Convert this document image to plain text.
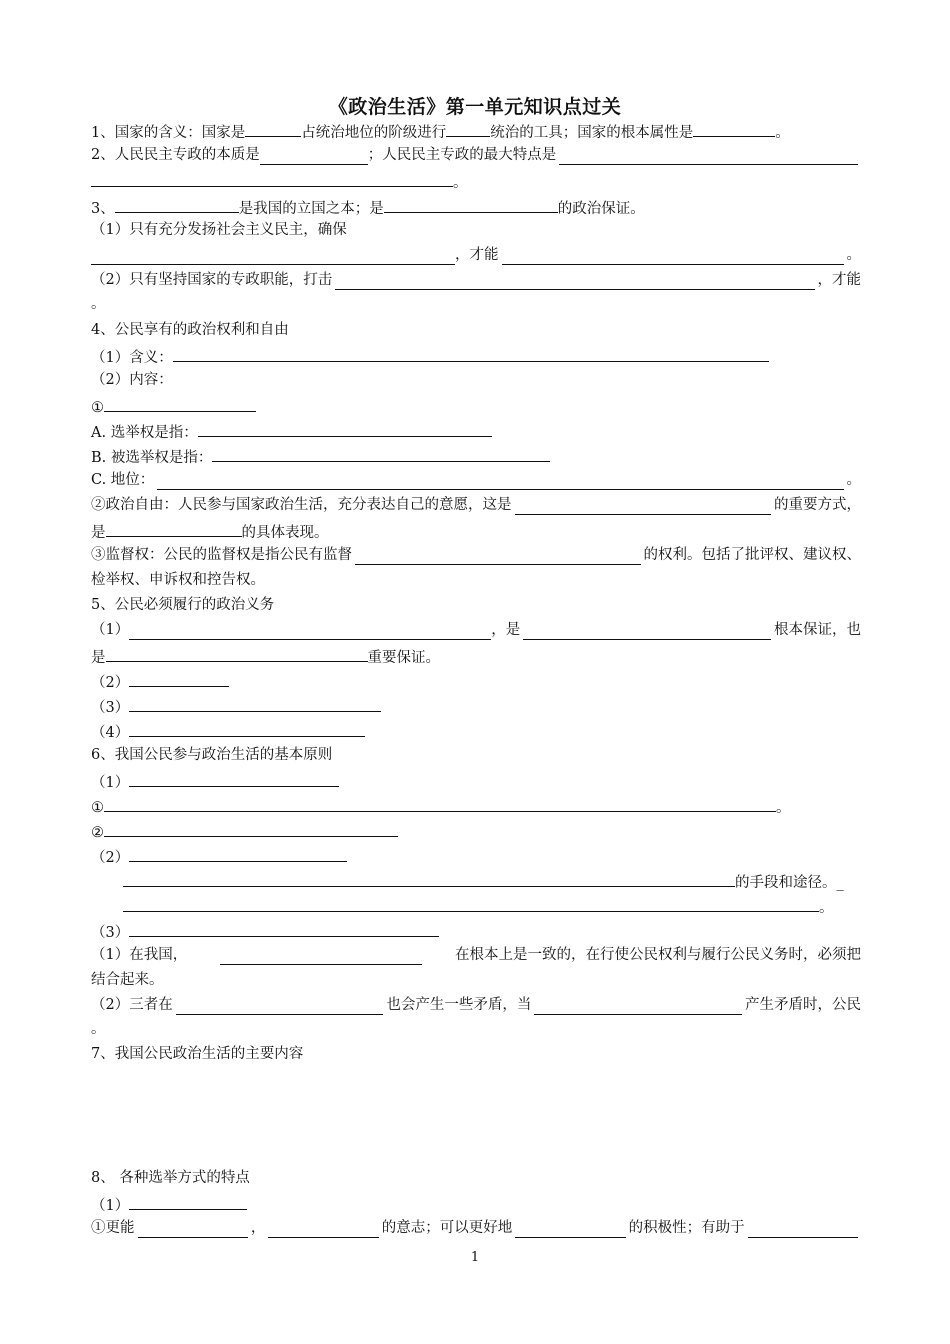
《政治生活》第一单元知识点过关
1、国家的含义：国家是	占统治地位的阶级进行	统治的工具；国家的根本属性是	。
2、人民民主专政的本质是	；人民民主专政的最大特点是
。
3、	是我国的立国之本；是	的政治保证。
（1）只有充分发扬社会主义民主，确保
，才能	。
（2）只有坚持国家的专政职能，打击	，才能
。
4、公民享有的政治权利和自由
（1）含义：
（2）内容：
①
A. 选举权是指：
B. 被选举权是指：
C. 地位：	。
②政治自由：人民参与国家政治生活，充分表达自己的意愿，这是	的重要方式，
是	的具体表现。
③监督权：公民的监督权是指公民有监督	的权利。包括了批评权、建议权、
检举权、申诉权和控告权。
5、公民必须履行的政治义务
（1）	，是	根本保证，也
是	重要保证。
（2）
（3）
（4）
6、我国公民参与政治生活的基本原则
（1）
①	。
②
（2）
的手段和途径。_
。
（3）
（1）在我国，	在根本上是一致的，在行使公民权利与履行公民义务时，必须把
结合起来。
（2）三者在	也会产生一些矛盾，当	产生矛盾时，公民
。
7、我国公民政治生活的主要内容
8、 各种选举方式的特点
（1）
①更能	，	的意志；可以更好地	的积极性；有助于
1
